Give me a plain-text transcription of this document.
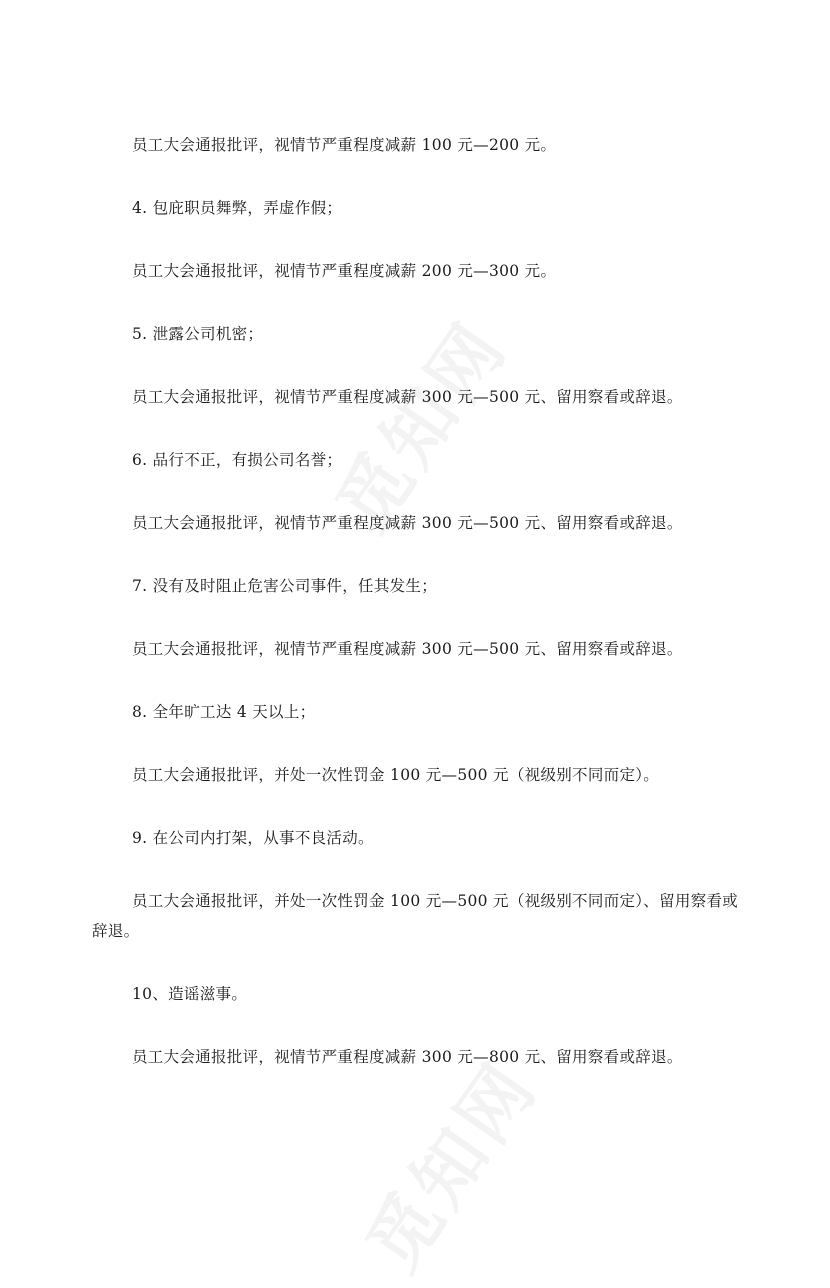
员工大会通报批评，视情节严重程度减薪 100 元—200 元。

4. 包庇职员舞弊，弄虚作假；

员工大会通报批评，视情节严重程度减薪 200 元—300 元。

5. 泄露公司机密；

员工大会通报批评，视情节严重程度减薪 300 元—500 元、留用察看或辞退。

6. 品行不正，有损公司名誉；

员工大会通报批评，视情节严重程度减薪 300 元—500 元、留用察看或辞退。

7. 没有及时阻止危害公司事件，任其发生；

员工大会通报批评，视情节严重程度减薪 300 元—500 元、留用察看或辞退。

8. 全年旷工达 4 天以上；

员工大会通报批评，并处一次性罚金 100 元—500 元（视级别不同而定）。

9. 在公司内打架，从事不良活动。

员工大会通报批评，并处一次性罚金 100 元—500 元（视级别不同而定）、留用察看或辞退。

10、造谣滋事。

员工大会通报批评，视情节严重程度减薪 300 元—800 元、留用察看或辞退。
